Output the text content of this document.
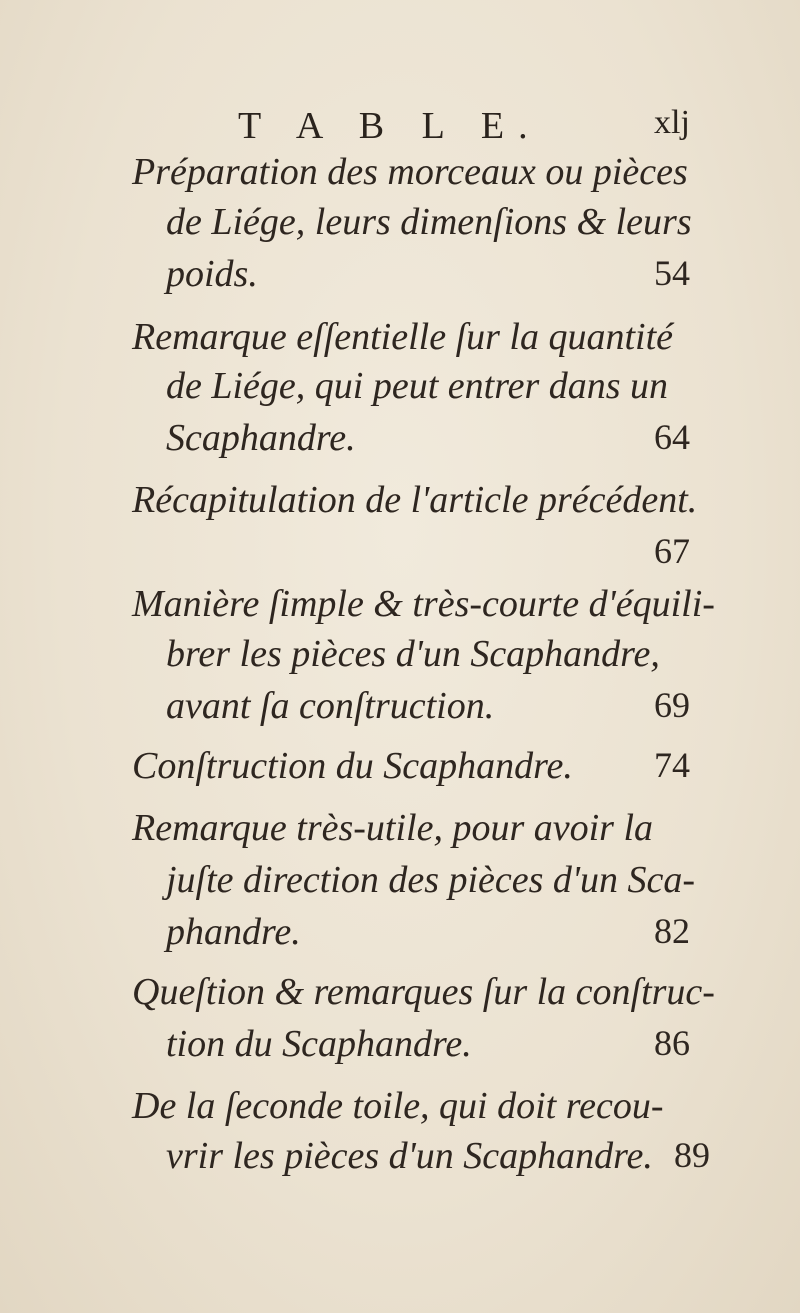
T A B L E.	xlj
Préparation des morceaux ou pièces
de Liége, leurs dimenſions & leurs
poids.	54
Remarque eſſentielle ſur la quantité
de Liége, qui peut entrer dans un
Scaphandre.	64
Récapitulation de l'article précédent.
67
Manière ſimple & très-courte d'équili-
brer les pièces d'un Scaphandre,
avant ſa conſtruction.	69
Conſtruction du Scaphandre. 74
Remarque très-utile, pour avoir la
juſte direction des pièces d'un Sca-
phandre.	82
Queſtion & remarques ſur la conſtruc-
tion du Scaphandre.	86
De la ſeconde toile, qui doit recou-
vrir les pièces d'un Scaphandre. 89
